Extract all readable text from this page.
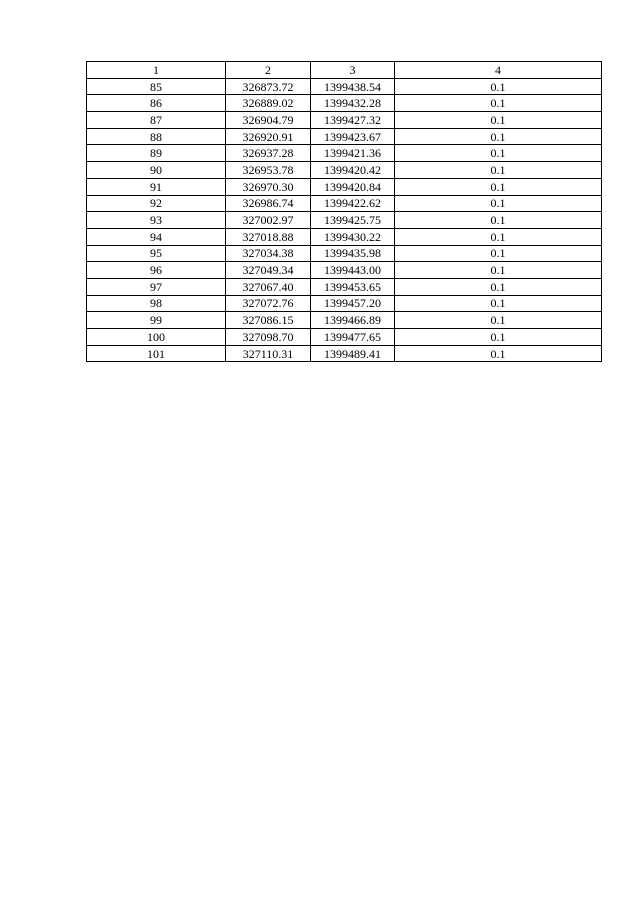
1	2	3	4
85	326873.72	1399438.54	0.1
86	326889.02	1399432.28	0.1
87	326904.79	1399427.32	0.1
88	326920.91	1399423.67	0.1
89	326937.28	1399421.36	0.1
90	326953.78	1399420.42	0.1
91	326970.30	1399420.84	0.1
92	326986.74	1399422.62	0.1
93	327002.97	1399425.75	0.1
94	327018.88	1399430.22	0.1
95	327034.38	1399435.98	0.1
96	327049.34	1399443.00	0.1
97	327067.40	1399453.65	0.1
98	327072.76	1399457.20	0.1
99	327086.15	1399466.89	0.1
100	327098.70	1399477.65	0.1
101	327110.31	1399489.41	0.1
